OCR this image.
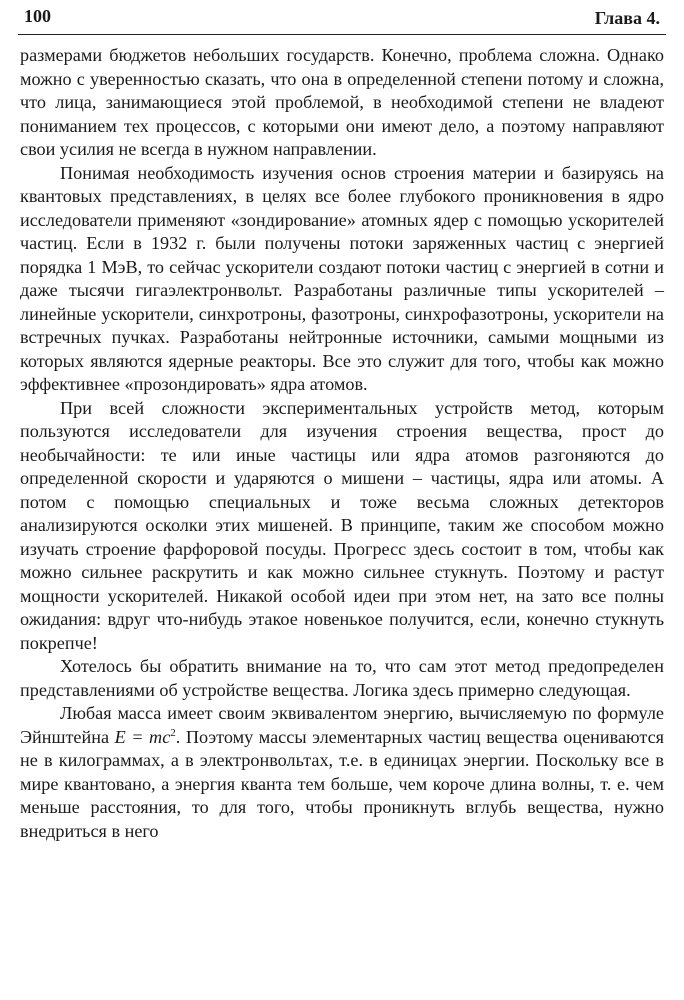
100	Глава 4.

размерами бюджетов небольших государств. Конечно, проблема сложна. Однако можно с уверенностью сказать, что она в определенной степени потому и сложна, что лица, занимающиеся этой проблемой, в необходимой степени не владеют пониманием тех процессов, с которыми они имеют дело, а поэтому направляют свои усилия не всегда в нужном направлении.

Понимая необходимость изучения основ строения материи и базируясь на квантовых представлениях, в целях все более глубокого проникновения в ядро исследователи применяют «зондирование» атомных ядер с помощью ускорителей частиц. Если в 1932 г. были получены потоки заряженных частиц с энергией порядка 1 МэВ, то сейчас ускорители создают потоки частиц с энергией в сотни и даже тысячи гигаэлектронвольт. Разработаны различные типы ускорителей – линейные ускорители, синхротроны, фазотроны, синхрофазотроны, ускорители на встречных пучках. Разработаны нейтронные источники, самыми мощными из которых являются ядерные реакторы. Все это служит для того, чтобы как можно эффективнее «прозондировать» ядра атомов.

При всей сложности экспериментальных устройств метод, которым пользуются исследователи для изучения строения вещества, прост до необычайности: те или иные частицы или ядра атомов разгоняются до определенной скорости и ударяются о мишени – частицы, ядра или атомы. А потом с помощью специальных и тоже весьма сложных детекторов анализируются осколки этих мишеней. В принципе, таким же способом можно изучать строение фарфоровой посуды. Прогресс здесь состоит в том, чтобы как можно сильнее раскрутить и как можно сильнее стукнуть. Поэтому и растут мощности ускорителей. Никакой особой идеи при этом нет, на зато все полны ожидания: вдруг что-нибудь этакое новенькое получится, если, конечно стукнуть покрепче!

Хотелось бы обратить внимание на то, что сам этот метод предопределен представлениями об устройстве вещества. Логика здесь примерно следующая.

Любая масса имеет своим эквивалентом энергию, вычисляемую по формуле Эйнштейна $E = mc^2$. Поэтому массы элементарных частиц вещества оцениваются не в килограммах, а в электронвольтах, т.е. в единицах энергии. Поскольку все в мире квантовано, а энергия кванта тем больше, чем короче длина волны, т. е. чем меньше расстояния, то для того, чтобы проникнуть вглубь вещества, нужно внедриться в него
